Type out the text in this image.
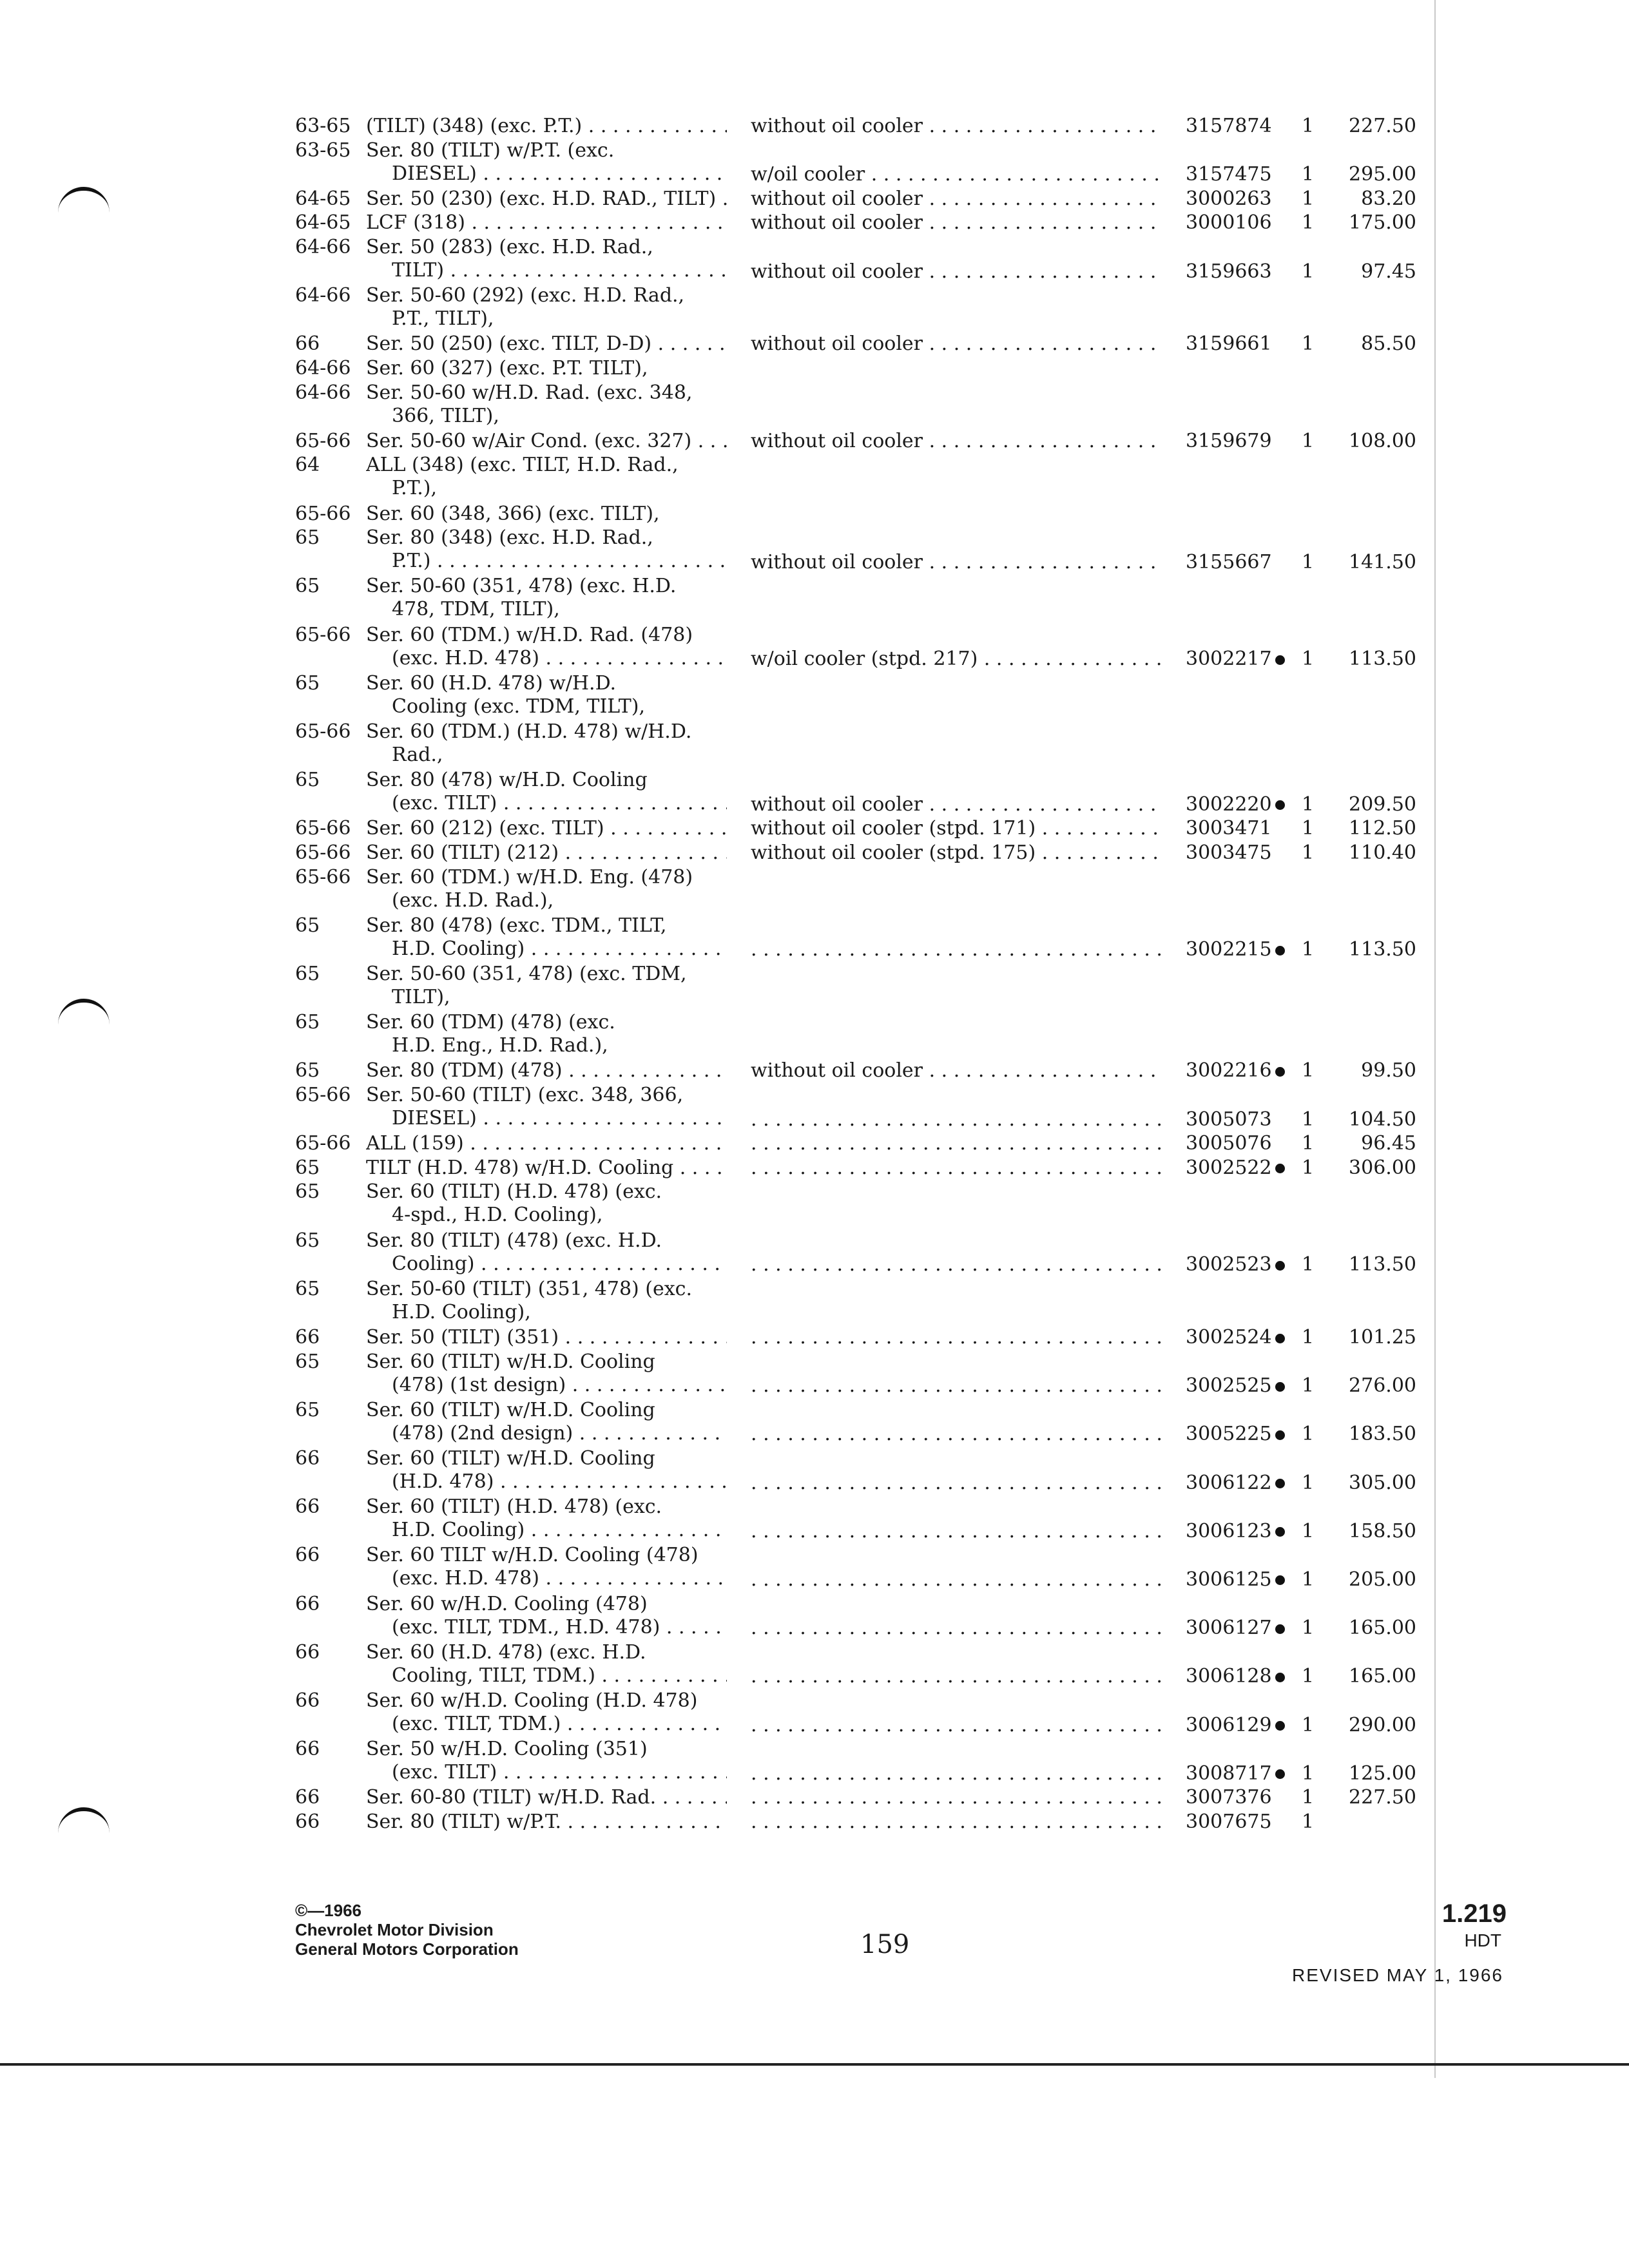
63-65 (TILT) (348) (exc. P.T.) . . .	without oil cooler . . .	3157874 1 227.50
63-65 Ser. 80 (TILT) w/P.T. (exc.
DIESEL) . . .	w/oil cooler . . .	3157475 1 295.00
64-65 Ser. 50 (230) (exc. H.D. RAD., TILT) . . .	without oil cooler . . .	3000263 1 83.20
64-65 LCF (318) . . .	without oil cooler . . .	3000106 1 175.00
64-66 Ser. 50 (283) (exc. H.D. Rad.,
TILT) . . .	without oil cooler . . .	3159663 1 97.45
64-66 Ser. 50-60 (292) (exc. H.D. Rad.,
P.T., TILT),
66 Ser. 50 (250) (exc. TILT, D-D) . . .	without oil cooler . . .	3159661 1 85.50
64-66 Ser. 60 (327) (exc. P.T. TILT),
64-66 Ser. 50-60 w/H.D. Rad. (exc. 348,
366, TILT),
65-66 Ser. 50-60 w/Air Cond. (exc. 327) . . .	without oil cooler . . .	3159679 1 108.00
64 ALL (348) (exc. TILT, H.D. Rad.,
P.T.),
65-66 Ser. 60 (348, 366) (exc. TILT),
65 Ser. 80 (348) (exc. H.D. Rad.,
P.T.) . . .	without oil cooler . . .	3155667 1 141.50
65 Ser. 50-60 (351, 478) (exc. H.D.
478, TDM, TILT),
65-66 Ser. 60 (TDM.) w/H.D. Rad. (478)
(exc. H.D. 478) . . .	w/oil cooler (stpd. 217) . . .	3002217	1 113.50
65 Ser. 60 (H.D. 478) w/H.D.
Cooling (exc. TDM, TILT),
65-66 Ser. 60 (TDM.) (H.D. 478) w/H.D.
Rad.,
65 Ser. 80 (478) w/H.D. Cooling
(exc. TILT) . . .	without oil cooler . . .	3002220	1 209.50
65-66 Ser. 60 (212) (exc. TILT) . . .	without oil cooler (stpd. 171) . . .	3003471 1 112.50
65-66 Ser. 60 (TILT) (212) . . .	without oil cooler (stpd. 175) . . .	3003475 1 110.40
65-66 Ser. 60 (TDM.) w/H.D. Eng. (478)
(exc. H.D. Rad.),
65 Ser. 80 (478) (exc. TDM., TILT,
H.D. Cooling) . . . . . .	3002215	1 113.50
65 Ser. 50-60 (351, 478) (exc. TDM,
TILT),
65 Ser. 60 (TDM) (478) (exc.
H.D. Eng., H.D. Rad.),
65 Ser. 80 (TDM) (478) . . .	without oil cooler . . .	3002216	1 99.50
65-66 Ser. 50-60 (TILT) (exc. 348, 366,
DIESEL) . . . . . .	3005073 1 104.50
65-66 ALL (159) . . . . . .	3005076 1 96.45
65 TILT (H.D. 478) w/H.D. Cooling . . . . . .	3002522	1 306.00
65 Ser. 60 (TILT) (H.D. 478) (exc.
4-spd., H.D. Cooling),
65 Ser. 80 (TILT) (478) (exc. H.D.
Cooling) . . . . . .	3002523	1 113.50
65 Ser. 50-60 (TILT) (351, 478) (exc.
H.D. Cooling),
66 Ser. 50 (TILT) (351) . . . . . .	3002524	1 101.25
65 Ser. 60 (TILT) w/H.D. Cooling
(478) (1st design) . . . . . .	3002525	1 276.00
65 Ser. 60 (TILT) w/H.D. Cooling
(478) (2nd design) . . . . . .	3005225	1 183.50
66 Ser. 60 (TILT) w/H.D. Cooling
(H.D. 478) . . . . . .	3006122	1 305.00
66 Ser. 60 (TILT) (H.D. 478) (exc.
H.D. Cooling) . . . . . .	3006123	1 158.50
66 Ser. 60 TILT w/H.D. Cooling (478)
(exc. H.D. 478) . . . . . .	3006125	1 205.00
66 Ser. 60 w/H.D. Cooling (478)
(exc. TILT, TDM., H.D. 478) . . . . . .	3006127	1 165.00
66 Ser. 60 (H.D. 478) (exc. H.D.
Cooling, TILT, TDM.) . . . . . .	3006128	1 165.00
66 Ser. 60 w/H.D. Cooling (H.D. 478)
(exc. TILT, TDM.) . . . . . .	3006129	1 290.00
66 Ser. 50 w/H.D. Cooling (351)
(exc. TILT) . . . . . .	3008717	1 125.00
66 Ser. 60-80 (TILT) w/H.D. Rad. . . . . . .	3007376 1 227.50
66 Ser. 80 (TILT) w/P.T. . . . . . .	3007675 1
©—1966
Chevrolet Motor Division
General Motors Corporation	159
1.219
HDT
REVISED MAY 1, 1966
